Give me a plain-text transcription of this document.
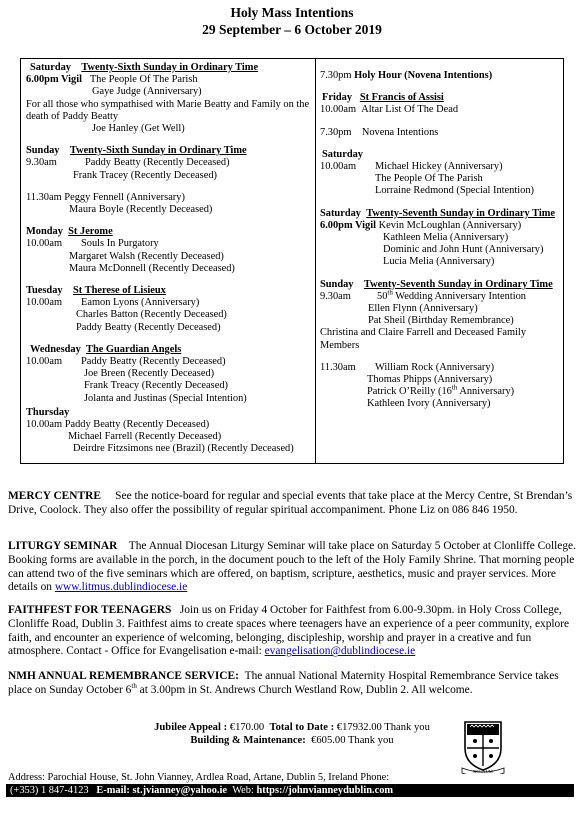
Holy Mass Intentions
29 September – 6 October 2019

Saturday Twenty-Sixth Sunday in Ordinary Time

6.00pm Vigil The People Of The Parish

Gaye Judge (Anniversary)

For all those who sympathised with Marie Beatty and Family on the death of Paddy Beatty

Joe Hanley (Get Well)

Sunday Twenty-Sixth Sunday in Ordinary Time

9.30am	Paddy Beatty (Recently Deceased)

Frank Tracey (Recently Deceased)

11.30am Peggy Fennell (Anniversary)

Maura Boyle (Recently Deceased)

Monday St Jerome

10.00am	Souls In Purgatory

Margaret Walsh (Recently Deceased)

Maura McDonnell (Recently Deceased)

Tuesday St Therese of Lisieux

10.00am	Eamon Lyons (Anniversary)

Charles Batton (Recently Deceased)

Paddy Beatty (Recently Deceased)

Wednesday The Guardian Angels

10.00am	Paddy Beatty (Recently Deceased)

Joe Breen (Recently Deceased)

Frank Treacy (Recently Deceased)

Jolanta and Justinas (Special Intention)

Thursday

10.00am Paddy Beatty (Recently Deceased)

Michael Farrell (Recently Deceased)

Deirdre Fitzsimons nee (Brazil) (Recently Deceased)

7.30pm Holy Hour (Novena Intentions)

Friday St Francis of Assisi

10.00am Altar List Of The Dead

7.30pm Novena Intentions

Saturday

10.00am	Michael Hickey (Anniversary)

The People Of The Parish

Lorraine Redmond (Special Intention)

Saturday Twenty-Seventh Sunday in Ordinary Time

6.00pm Vigil Kevin McLoughlan (Anniversary)

Kathleen Melia (Anniversary)

Dominic and John Hunt (Anniversary)

Lucia Melia (Anniversary)

Sunday Twenty-Seventh Sunday in Ordinary Time

9.30am	50th Wedding Anniversary Intention

Ellen Flynn (Anniversary)

Pat Sheil (Birthday Remembrance)

Christina and Claire Farrell and Deceased Family Members

11.30am	William Rock (Anniversary)

Thomas Phipps (Anniversary)

Patrick O’Reilly (16th Anniversary)

Kathleen Ivory (Anniversary)

MERCY CENTRE See the notice-board for regular and special events that take place at the Mercy Centre, St Brendan’s Drive, Coolock. They also offer the possibility of regular spiritual accompaniment. Phone Liz on 086 846 1950.
LITURGY SEMINAR The Annual Diocesan Liturgy Seminar will take place on Saturday 5 October at Clonliffe College. Booking forms are available in the porch, in the document pouch to the left of the Holy Family Shrine. That morning people can attend two of the five seminars which are offered, on baptism, scripture, aesthetics, music and prayer services. More details on www.litmus.dublindiocese.ie
FAITHFEST FOR TEENAGERS Join us on Friday 4 October for Faithfest from 6.00-9.30pm. in Holy Cross College, Clonliffe Road, Dublin 3. Faithfest aims to create spaces where teenagers have an experience of a peer community, explore faith, and encounter an experience of welcoming, belonging, discipleship, worship and prayer in a creative and fun atmosphere. Contact - Office for Evangelisation e-mail: evangelisation@dublindiocese.ie
NMH ANNUAL REMEMBRANCE SERVICE: The annual National Maternity Hospital Remembrance Service takes place on Sunday October 6th at 3.00pm in St. Andrews Church Westland Row, Dublin 2. All welcome.
Jubilee Appeal : €170.00 Total to Date : €17932.00 Thank you
Building & Maintenance: €605.00 Thank you
REGNUM
Address: Parochial House, St. John Vianney, Ardlea Road, Artane, Dublin 5, Ireland Phone:
(+353) 1 847-4123 E-mail: st.jvianney@yahoo.ie Web: https://johnvianneydublin.com
